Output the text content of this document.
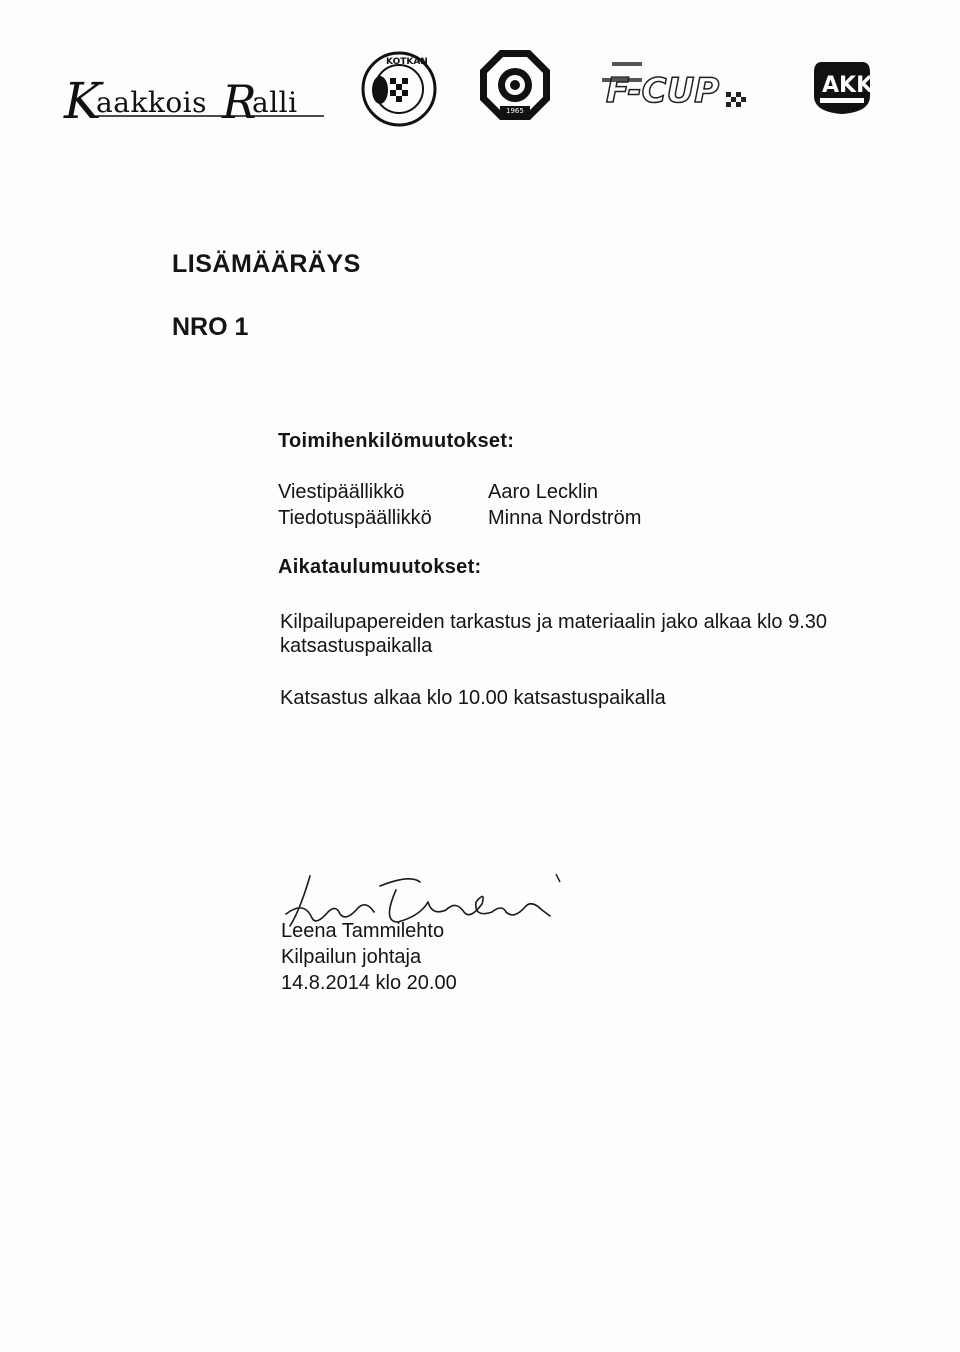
K
aakkois R
alli
KOTKAN
1965 F-CUP	AKK
LISÄMÄÄRÄYS
NRO 1
Toimihenkilömuutokset:
Viestipäällikkö	Aaro Lecklin
Tiedotuspäällikkö	Minna Nordström
Aikataulumuutokset:
Kilpailupapereiden tarkastus ja materiaalin jako alkaa klo 9.30 katsastuspaikalla
Katsastus alkaa klo 10.00 katsastuspaikalla
Leena Tammilehto
Kilpailun johtaja
14.8.2014 klo 20.00
